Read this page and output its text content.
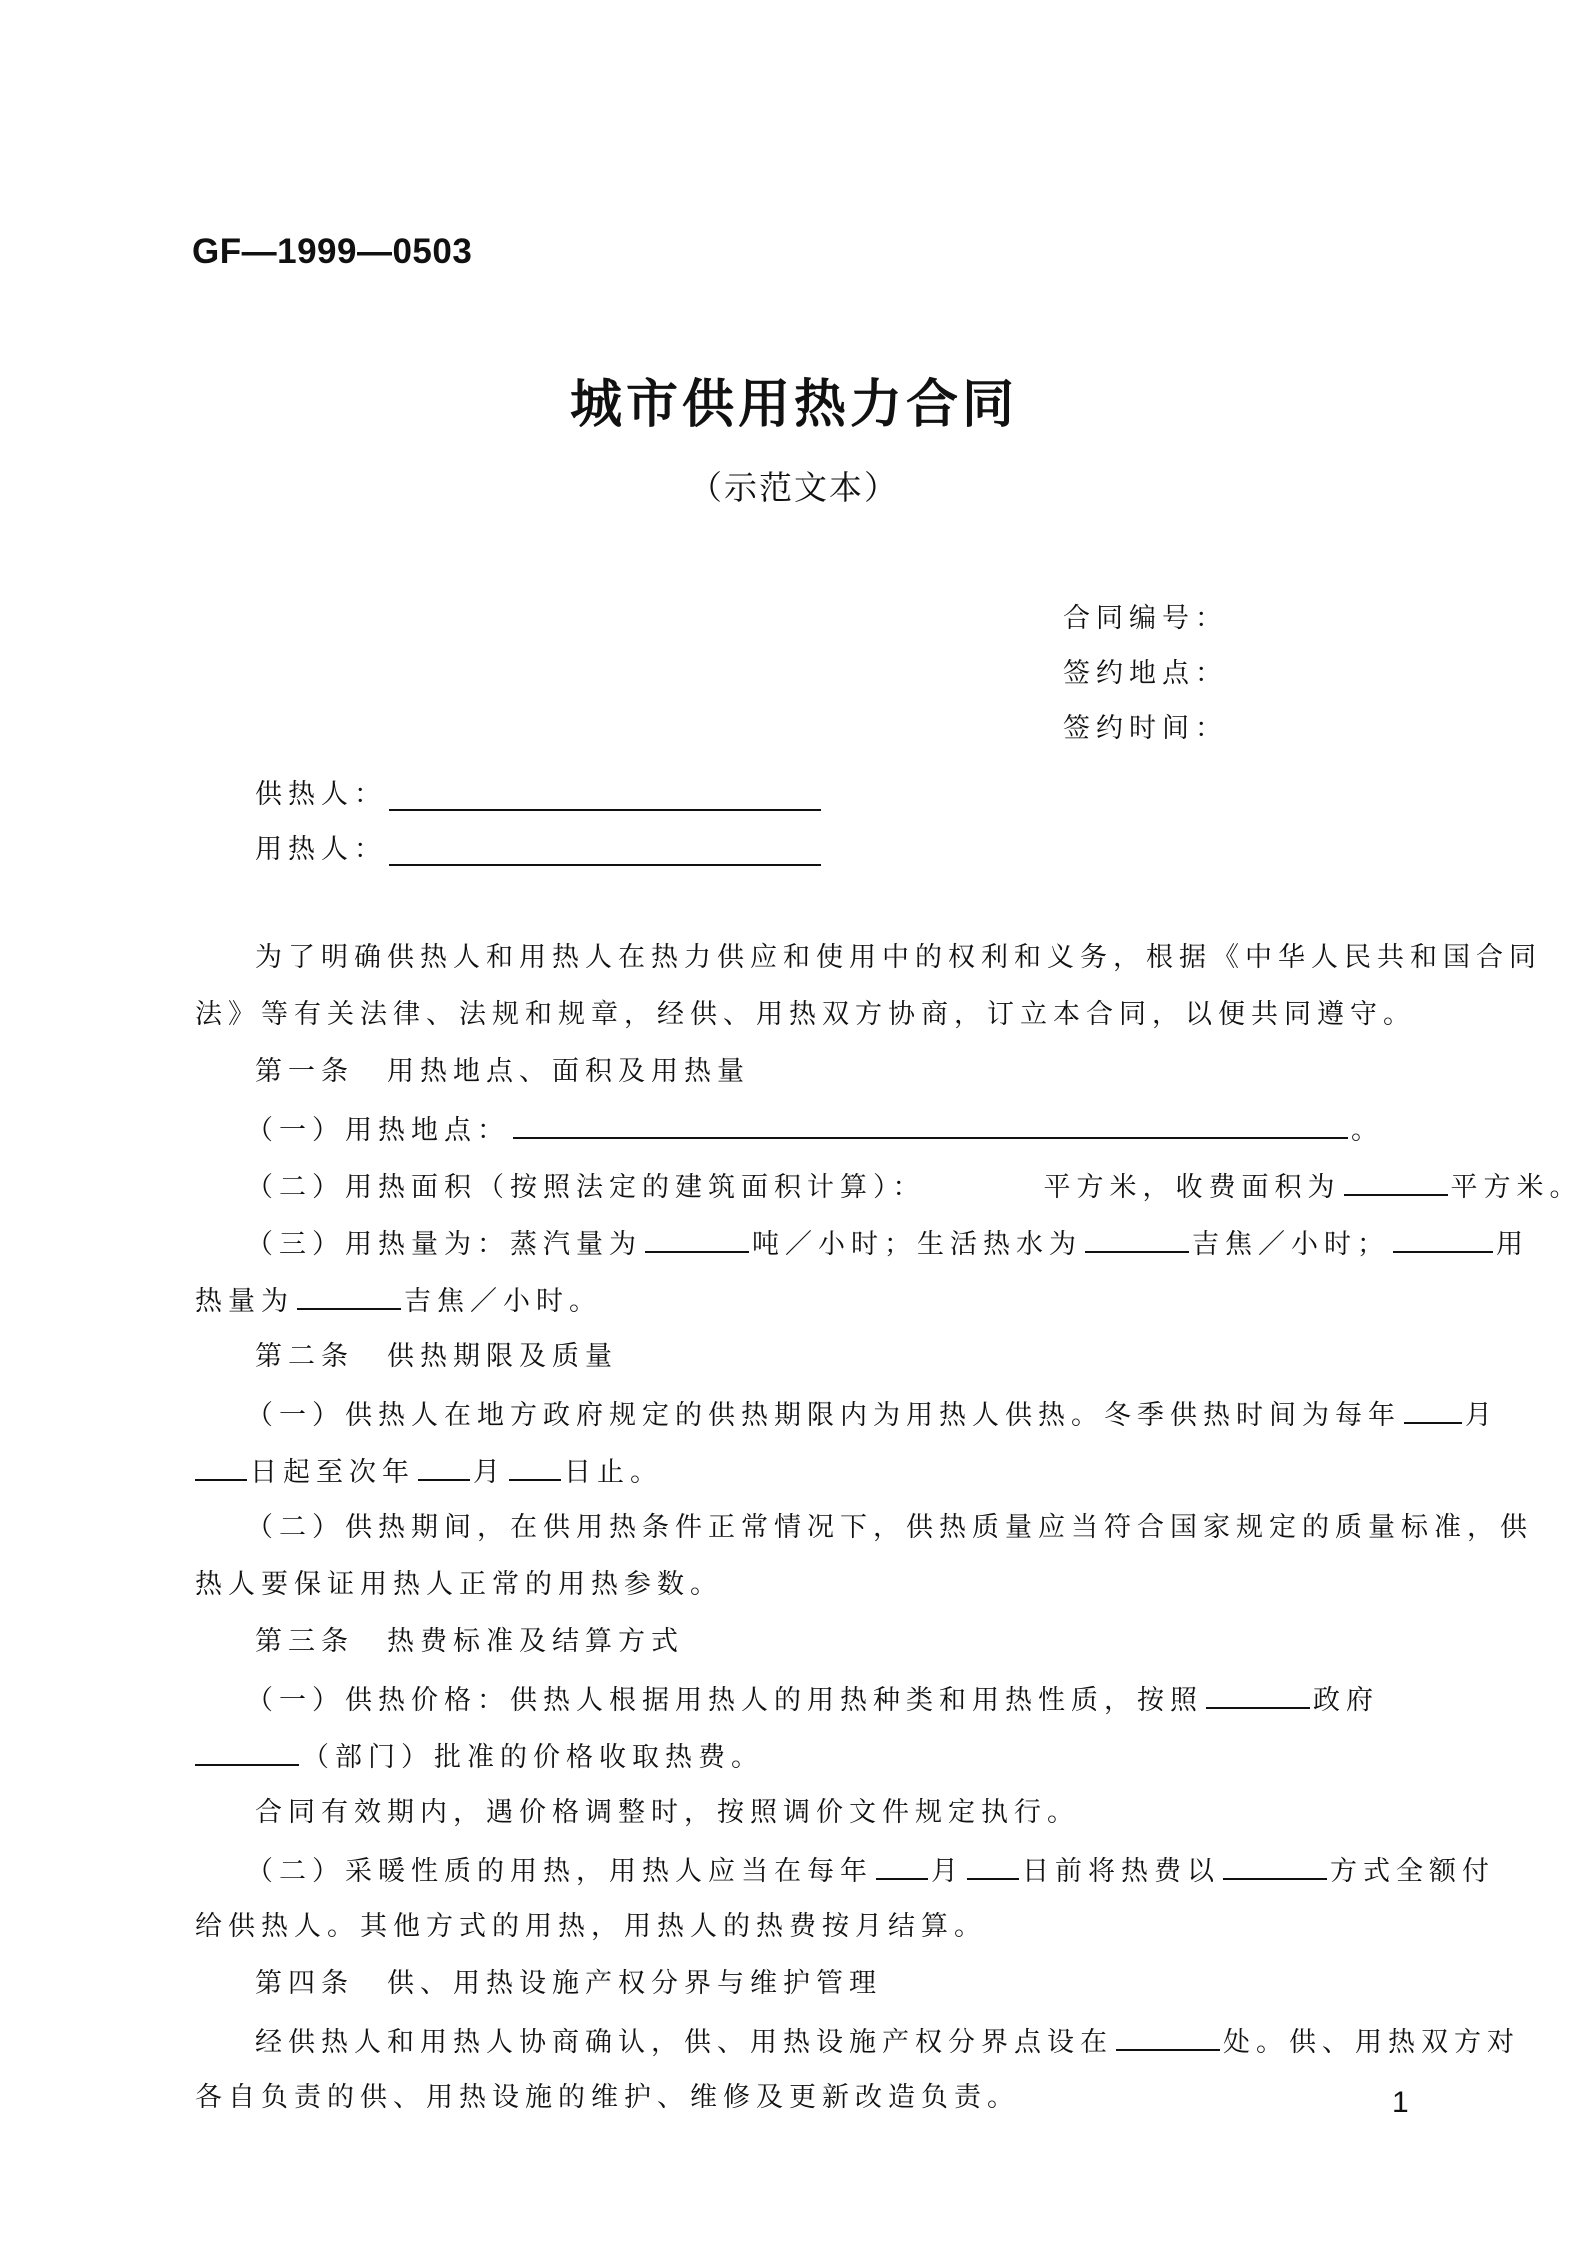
GF—1999—0503
城市供用热力合同
（示范文本）
合同编号：
签约地点：
签约时间：
供热人：
用热人：
为了明确供热人和用热人在热力供应和使用中的权利和义务，根据《中华人民共和国合同
法》等有关法律、法规和规章，经供、用热双方协商，订立本合同，以便共同遵守。
第一条　用热地点、面积及用热量
（一）用热地点：	。
（二）用热面积（按照法定的建筑面积计算）：	平方米，收费面积为	平方米。
（三）用热量为：蒸汽量为	吨／小时；生活热水为	吉焦／小时；	用
热量为	吉焦／小时。
第二条　供热期限及质量
（一）供热人在地方政府规定的供热期限内为用热人供热。冬季供热时间为每年 月
日起至次年 月 日止。
（二）供热期间，在供用热条件正常情况下，供热质量应当符合国家规定的质量标准，供
热人要保证用热人正常的用热参数。
第三条　热费标准及结算方式
（一）供热价格：供热人根据用热人的用热种类和用热性质，按照	政府
（部门）批准的价格收取热费。
合同有效期内，遇价格调整时，按照调价文件规定执行。
（二）采暖性质的用热，用热人应当在每年 月 日前将热费以	方式全额付
给供热人。其他方式的用热，用热人的热费按月结算。
第四条　供、用热设施产权分界与维护管理
经供热人和用热人协商确认，供、用热设施产权分界点设在	处。供、用热双方对
各自负责的供、用热设施的维护、维修及更新改造负责。	1
